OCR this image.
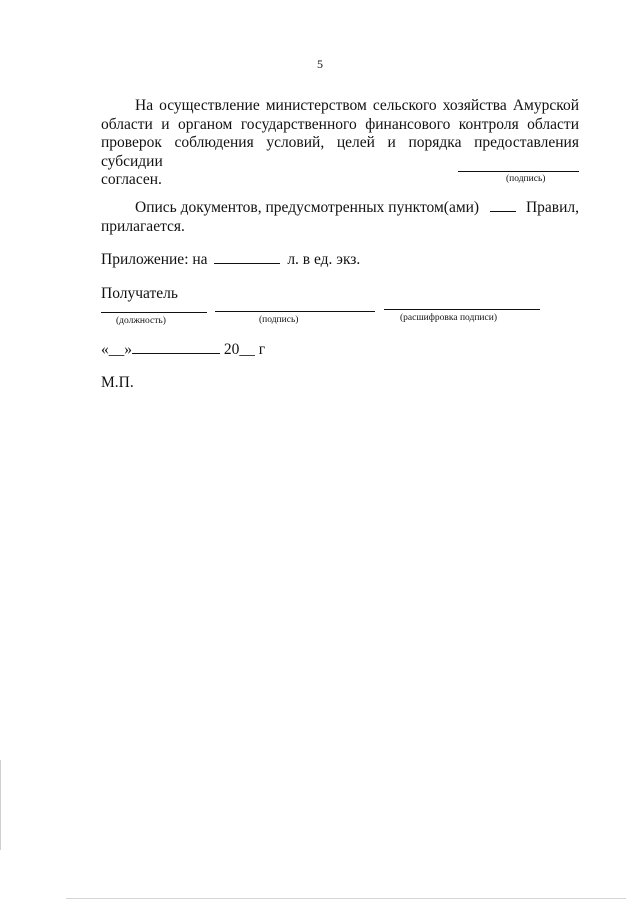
5
На осуществление министерством сельского хозяйства Амурской
области и органом государственного финансового контроля области
проверок соблюдения условий, целей и порядка предоставления субсидии
согласен.	(подпись)
Опись документов, предусмотренных пунктом(ами)	Правил,
прилагается.
Приложение: на	л. в ед. экз.
Получатель
(должность)	(подпись)	(расшифровка подписи)
«__»	20__ г
М.П.
